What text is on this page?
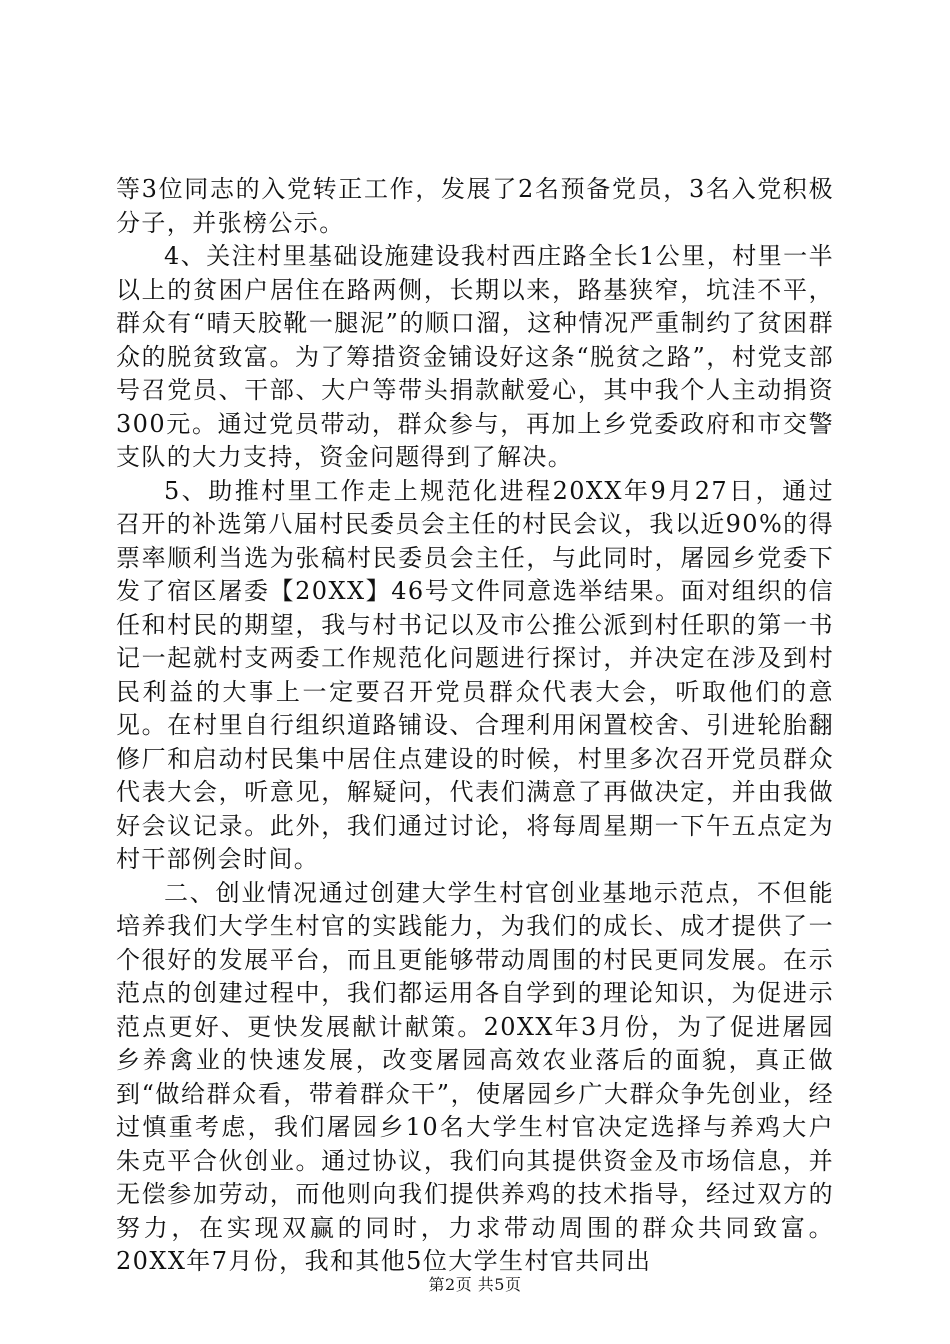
等3位同志的入党转正工作，发展了2名预备党员，3名入党积极分子，并张榜公示。

4、关注村里基础设施建设我村西庄路全长1公里，村里一半以上的贫困户居住在路两侧，长期以来，路基狭窄，坑洼不平，群众有“晴天胶靴一腿泥”的顺口溜，这种情况严重制约了贫困群众的脱贫致富。为了筹措资金铺设好这条“脱贫之路”，村党支部号召党员、干部、大户等带头捐款献爱心，其中我个人主动捐资300元。通过党员带动，群众参与，再加上乡党委政府和市交警支队的大力支持，资金问题得到了解决。

5、助推村里工作走上规范化进程20XX年9月27日，通过召开的补选第八届村民委员会主任的村民会议，我以近90%的得票率顺利当选为张稿村民委员会主任，与此同时，屠园乡党委下发了宿区屠委【20XX】46号文件同意选举结果。面对组织的信任和村民的期望，我与村书记以及市公推公派到村任职的第一书记一起就村支两委工作规范化问题进行探讨，并决定在涉及到村民利益的大事上一定要召开党员群众代表大会，听取他们的意见。在村里自行组织道路铺设、合理利用闲置校舍、引进轮胎翻修厂和启动村民集中居住点建设的时候，村里多次召开党员群众代表大会，听意见，解疑问，代表们满意了再做决定，并由我做好会议记录。此外，我们通过讨论，将每周星期一下午五点定为村干部例会时间。

二、创业情况通过创建大学生村官创业基地示范点，不但能培养我们大学生村官的实践能力，为我们的成长、成才提供了一个很好的发展平台，而且更能够带动周围的村民更同发展。在示范点的创建过程中，我们都运用各自学到的理论知识，为促进示范点更好、更快发展献计献策。20XX年3月份，为了促进屠园乡养禽业的快速发展，改变屠园高效农业落后的面貌，真正做到“做给群众看，带着群众干”，使屠园乡广大群众争先创业，经过慎重考虑，我们屠园乡10名大学生村官决定选择与养鸡大户朱克平合伙创业。通过协议，我们向其提供资金及市场信息，并无偿参加劳动，而他则向我们提供养鸡的技术指导，经过双方的努力，在实现双赢的同时，力求带动周围的群众共同致富。20XX年7月份，我和其他5位大学生村官共同出

第2页 共5页
